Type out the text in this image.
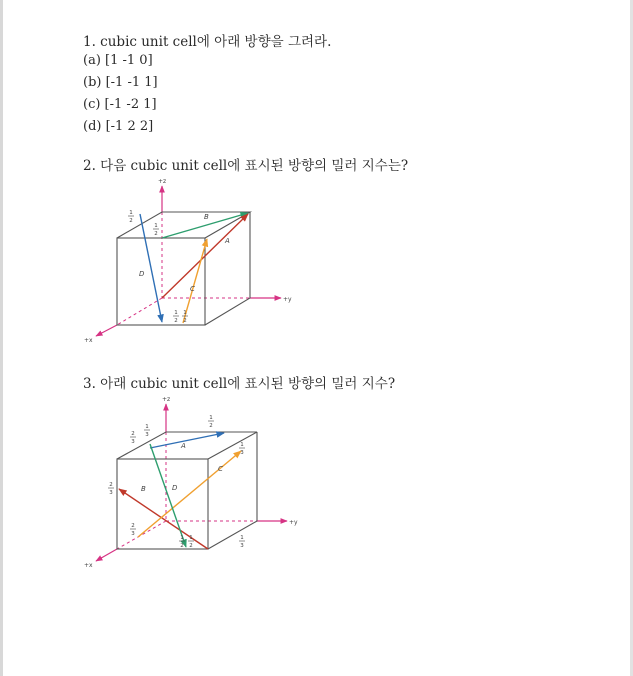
1. cubic unit cell에 아래 방향을 그려라.
(a) [1 -1 0]
(b) [-1 -1 1]
(c) [-1 -2 1]
(d) [-1 2 2]
2. 다음 cubic unit cell에 표시된 방향의 밀러 지수는?
+z
+y
+x
B
A
C
D
1
2
1
2
1
2
1
2
+z
+y
+x
A
B
C
D
2
3
1
3
1
2
1
3
2
3
2
3
1
2
1
2
1
3
3. 아래 cubic unit cell에 표시된 방향의 밀러 지수?
